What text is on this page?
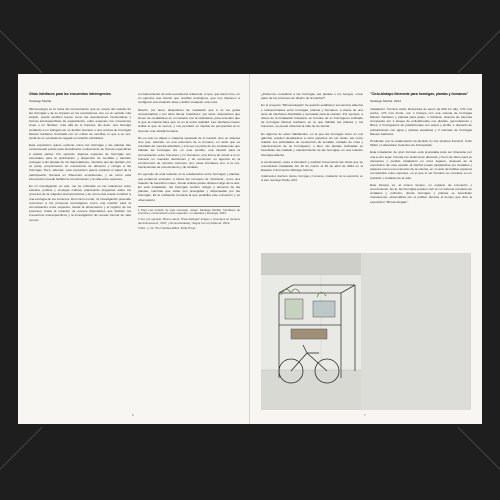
Otras interfaces para los encuentros interespecies.

Santiago Morilla

Mirmecología es la rama del conocimiento que se ocupa del estudio de las hormigas y de su impacto en los ecosistemas. Así, en un sentido más amplio, puede también leerse como las asociaciones involuntarias y formas interespecíficas de organización, entre especies con conexiones vivas o en hibridez, más allá de lo humano. Es decir, una hormiga cuidando a un triángulo de un ámbito humano o una colonia de hormigas Messor barbarus vinculada con un cultivo de semillas, lo que a su vez, cuida de un ecosistema vegetal en relación simbiótica.

Esta exposición quiere explorar cómo las hormigas y las plantas han evolucionado juntas para beneficiarse mutuamente de formas específicas a ambas partes. Por ejemplo, algunas especies de hormigas son esenciales para la polinización y dispersión de semillas y también protegen a las plantas de los depredadores, mientras que las plantas, por su parte, proporcionan un mecanismo de alimento y refugio a las hormigas. Pero, además, esta exposición quiere explorar el papel de la participación humana en diferentes ecosistemas, y de cómo esta intervención puede facilitar la comunicación y la vida entre especies.

En mi investigación en arte, me he enfocado en las relaciones entre estética, política y ecología cultural, planteando preguntas sobre los procesos de la máquina antropocéntrica y de cómo esta puede conducir a una ecología de los comunes. Del mismo modo, mi investigación pretende reconocer a los procesos tecnológicos como una interfaz para la comunicación entre especies, desde la observación y el registro de los procesos, hasta la creación de nuevos dispositivos que faciliten los encuentros interespecíficos y la investigación de nuevas formas de vida común.

el ordenamiento de todo ecosistema relacional, el que, que tienen tres, en un ejercicio que intento que resultan ecológicos, que nos disponen a configurar una situación ética y definir cualquier otra cosa.

Diseño, por tanto, dispositivos de mediación que a mi me gusta conceptualizar y por tanto llamar 'interfaces', por tanto, dispositivos que sirven de mediadores en el contacto con la naturaleza, para entender que lo que la materia hace que no es la única realidad. Las interfaces hacen visible lo que no vemos, y nos permiten un cambio de perspectiva al no imponer una mirada humana.

No es solo un objeto o máquina separado de lo natural, sino un sistema vivo que, además, es una extensión de lo humano, en tanto que es resultado de nuestra actividad, y a la vez es parte de los ecosistemas que habitan las hormigas. Es, en este sentido, una interfaz para la comunicación entre humanos y no humanos, una forma de incluir a lo no humano en nuestras decisiones y de reconocer su agencia en la construcción de mundos comunes. Así, estas interfaces son, a la vez, herramientas de conocimiento y de cuidado.

Un ejemplo de esta relación es la colaboración entre hormigas y plantas, que podemos entender, a través del concepto de 'simbiosis', como una relación de beneficio mutuo, donde ambas partes obtienen algo de la otra. En esta instalación, las hormigas reciben refugio y alimento de las plantas, mientras que estas son protegidas y dispersadas por las hormigas. Es la mediación humana la que posibilita este encuentro y su observación.

1 Para una revisión de este concepto, véase: Santiago Morilla, 'Interfaces de escucha y comunicación entre especies', en: Estética y Ecología, 2023.

2 Ver, por ejemplo, Bruno Latour, 'Para distinguir amigos y enemigos en tiempos del Antropoceno', 2017; y Donna Haraway, 'Seguir con el problema', 2019.

3 Ibid., p. 22. The Interface Effect, Polity Press.

6

¿Podemos considerar a las hormigas, las plantas o los hongos, como parte de los procesos de diseño de la interfaz?

En el proyecto "Mirmecologías" he querido establecer encuentros abiertos e indeterminados entre hormigas, plantas y humanos, a través de una serie de interfaces diseñadas y pensadas para la ocasión. Por ejemplo, a través de la instalación biotópica, en formato de un hormiguero cultivado de hormigas Messor barbarus en la que habitan las plantas y los humanos, se puede observar la vida de la colonia.

En algunos de estos habitáculos, en el que las hormigas viven en sus galerías, pueden desplazarse a otros espacios sin ser vistas, así como realizar sus actividades de recolección de semillas, cuidado de crías y mantenimiento de su hormiguero; o bien, las plantas cultivadas se benefician del cuidado y mantenimiento de las hormigas, en una relación interdependiente.

A continuación, paso a introducir y explicar brevemente las obras que se encontrarán instaladas del 16 de marzo al 29 de abril de 2024 en el Espacio 2 del Centro Párraga, Murcia.

Colaborative interface: planta, hormigas y humanos, instalación de la exposición en la sala. Santiago Morilla, 2024.

"Ciclo-biotopo itinerante para hormigas, plantas y humanos"

Santiago Morilla, 2024

Instalación. Técnica mixta: Estructura de acero de 200 cm alto, 170 cms ancho, 170 cms fondo, con 1 biotopo con una colonia de hormigas Messor barbarus y plantas para pasto, 1 bicicleta, sistema de tuberías compuesto por 1 tanque de policarbonato con plantas, germinadores y filtros, 2 hormigueros de policarbonato con arena y arcilla, 1 depósito de policarbonato con agua y plantas acuáticas y 2 colonias de hormigas Messor barbarus.

Producido con la colaboración de Ecolab, by Ars (Andrea Ferrazzi, Colin Taillor y Laboratorio Colectivo de Antropolab).

Esta instalación de gran formato está preparada para ser itinerante por una a otro lugar. Cuenta con sistema de dirección y freno de disco para su transporte y posible instalación en otros lugares, después de la exposición. En este sentido, la interfaz puede desplazarse por ciudades y parques como una extensión de la colonia, en un acto de habitar espacios compartidos entre especies, en el que el ser humano se convierte en un portador y cuidador de la vida.

Este biotopo es, al mismo tiempo, un espacio de encuentro y conocimiento. En él, las hormigas pueden vivir en un sistema completo de cuidados y nutrición, donde hormigas y plantas se benefician mutuamente, observables por el público durante el tiempo que dure la exposición "Mirmecologías".

7
